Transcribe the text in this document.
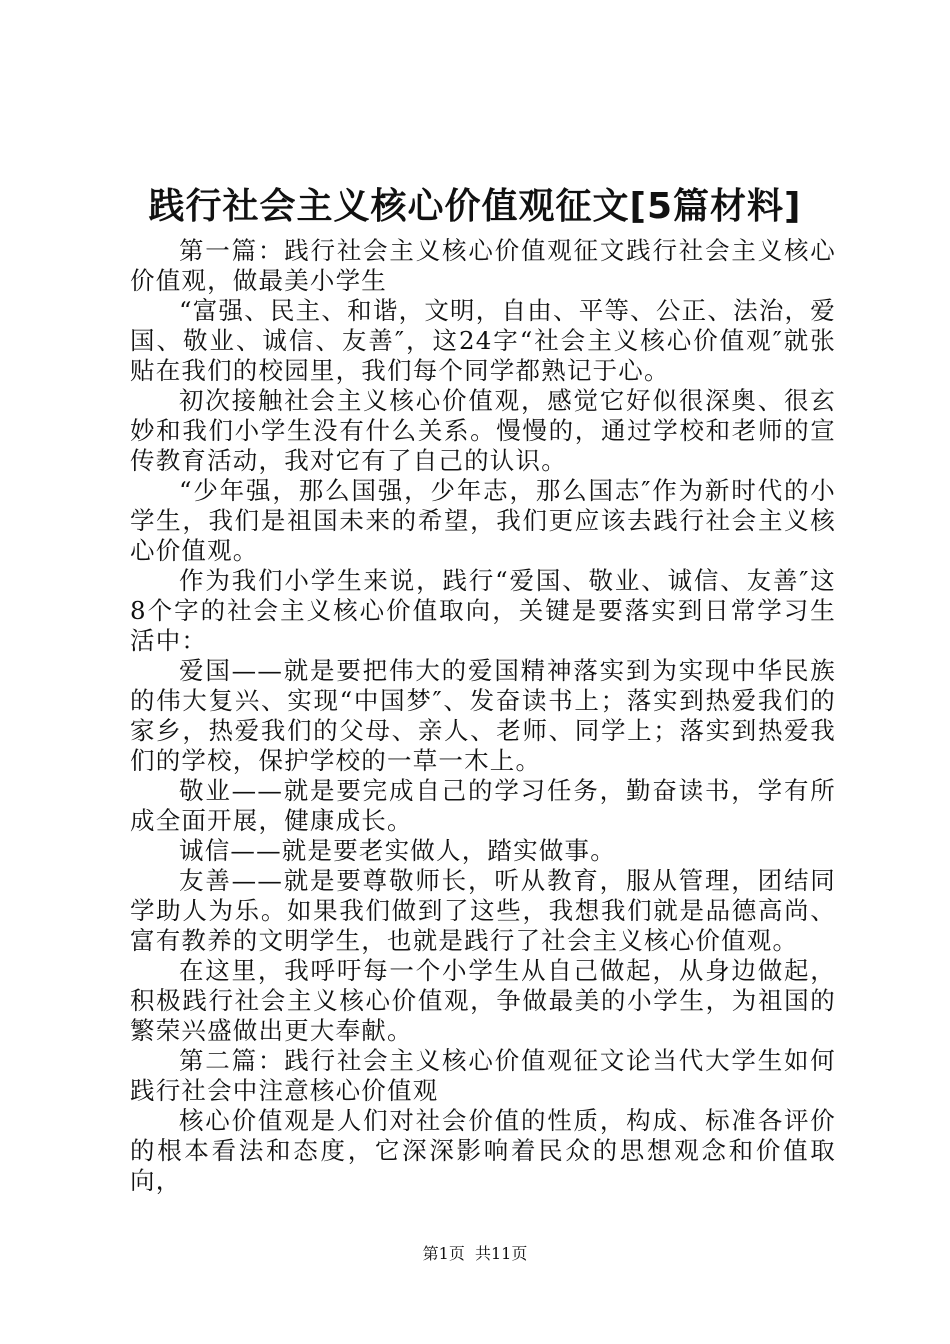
践行社会主义核心价值观征文[5篇材料]

第一篇：践行社会主义核心价值观征文践行社会主义核心价值观，做最美小学生

“富强、民主、和谐，文明，自由、平等、公正、法治，爱国、敬业、诚信、友善″，这24字“社会主义核心价值观″就张贴在我们的校园里，我们每个同学都熟记于心。

初次接触社会主义核心价值观，感觉它好似很深奥、很玄妙和我们小学生没有什么关系。慢慢的，通过学校和老师的宣传教育活动，我对它有了自己的认识。

“少年强，那么国强，少年志，那么国志″作为新时代的小学生，我们是祖国未来的希望，我们更应该去践行社会主义核心价值观。

作为我们小学生来说，践行“爱国、敬业、诚信、友善″这8个字的社会主义核心价值取向，关键是要落实到日常学习生活中：

爱国——就是要把伟大的爱国精神落实到为实现中华民族的伟大复兴、实现“中国梦″、发奋读书上；落实到热爱我们的家乡，热爱我们的父母、亲人、老师、同学上；落实到热爱我们的学校，保护学校的一草一木上。

敬业——就是要完成自己的学习任务，勤奋读书，学有所成全面开展，健康成长。

诚信——就是要老实做人，踏实做事。

友善——就是要尊敬师长，听从教育，服从管理，团结同学助人为乐。如果我们做到了这些，我想我们就是品德高尚、富有教养的文明学生，也就是践行了社会主义核心价值观。

在这里，我呼吁每一个小学生从自己做起，从身边做起，积极践行社会主义核心价值观，争做最美的小学生，为祖国的繁荣兴盛做出更大奉献。

第二篇：践行社会主义核心价值观征文论当代大学生如何践行社会中注意核心价值观

核心价值观是人们对社会价值的性质，构成、标准各评价的根本看法和态度，它深深影响着民众的思想观念和价值取向，

第1页  共11页
